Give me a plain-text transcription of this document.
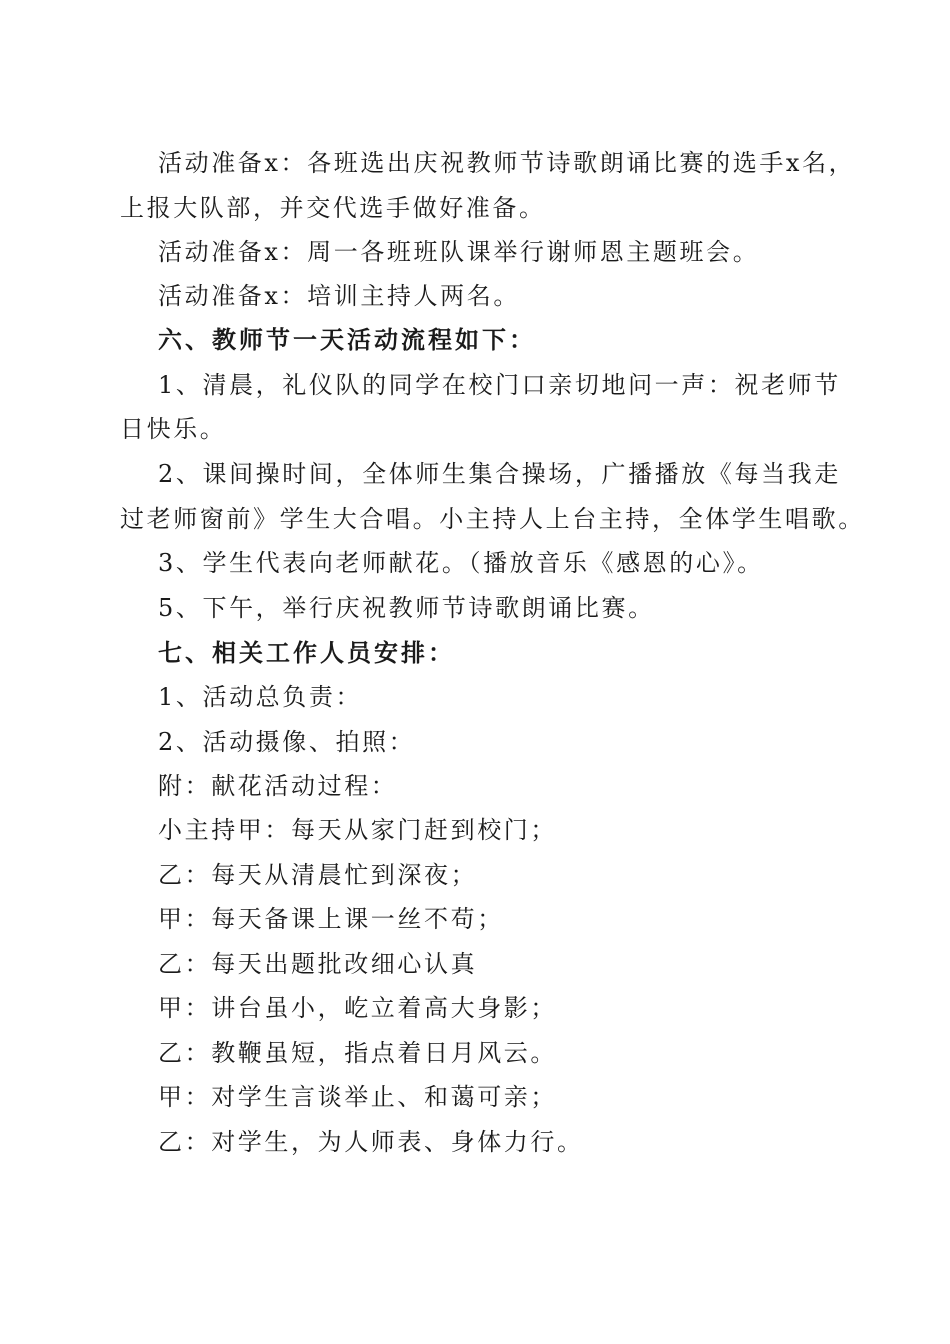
活动准备x：各班选出庆祝教师节诗歌朗诵比赛的选手x名，
上报大队部，并交代选手做好准备。
活动准备x：周一各班班队课举行谢师恩主题班会。
活动准备x：培训主持人两名。
六、教师节一天活动流程如下：
1、清晨，礼仪队的同学在校门口亲切地问一声：祝老师节
日快乐。
2、课间操时间，全体师生集合操场，广播播放《每当我走
过老师窗前》学生大合唱。小主持人上台主持，全体学生唱歌。
3、学生代表向老师献花。（播放音乐《感恩的心》。
5、下午，举行庆祝教师节诗歌朗诵比赛。
七、相关工作人员安排：
1、活动总负责：
2、活动摄像、拍照：
附：献花活动过程：
小主持甲：每天从家门赶到校门；
乙：每天从清晨忙到深夜；
甲：每天备课上课一丝不苟；
乙：每天出题批改细心认真
甲：讲台虽小，屹立着高大身影；
乙：教鞭虽短，指点着日月风云。
甲：对学生言谈举止、和蔼可亲；
乙：对学生，为人师表、身体力行。
